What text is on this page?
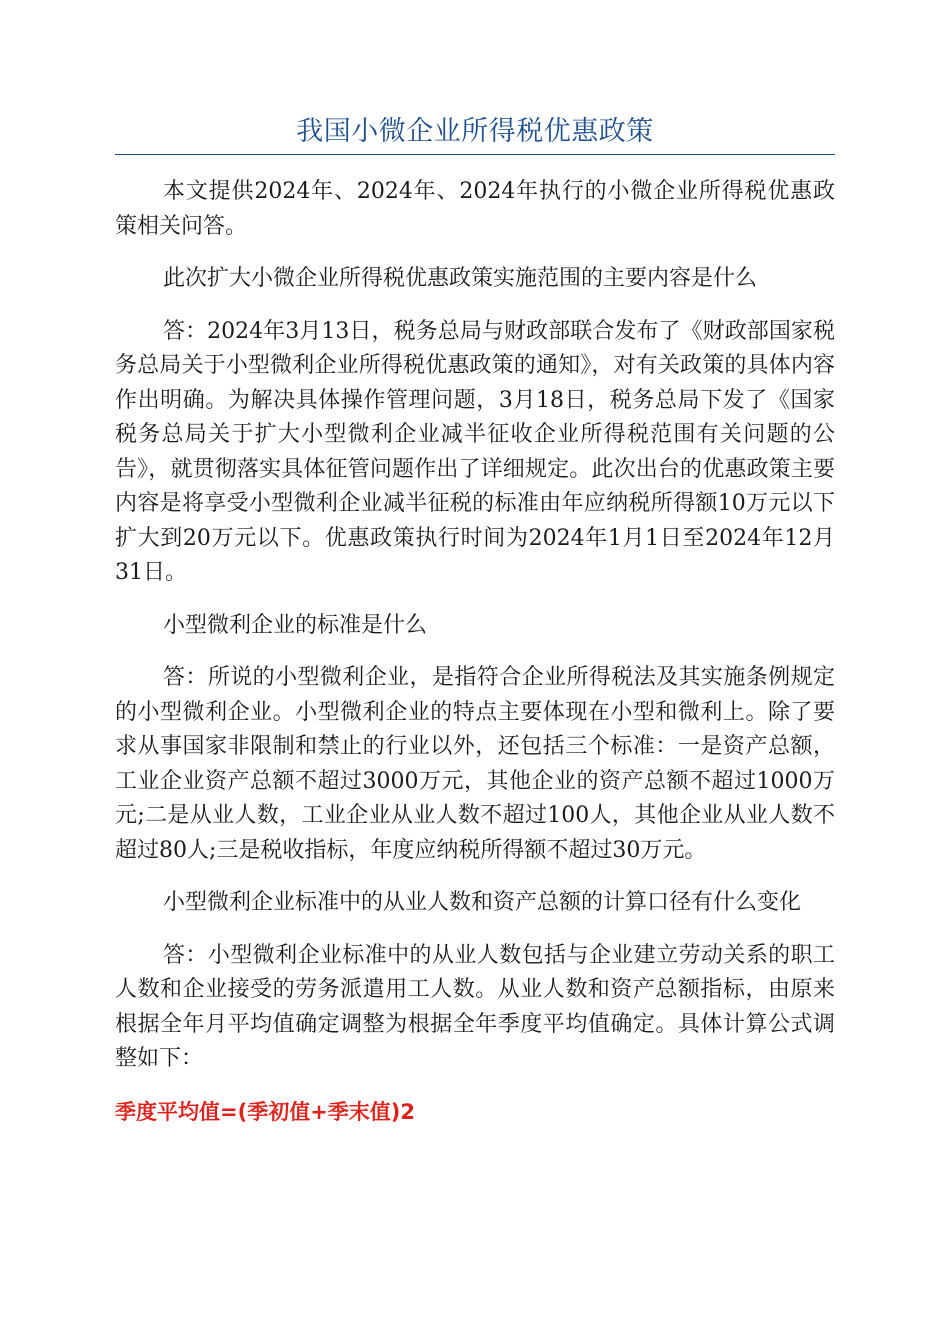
我国小微企业所得税优惠政策

本文提供2024年、2024年、2024年执行的小微企业所得税优惠政策相关问答。

此次扩大小微企业所得税优惠政策实施范围的主要内容是什么

答：2024年3月13日，税务总局与财政部联合发布了《财政部国家税务总局关于小型微利企业所得税优惠政策的通知》，对有关政策的具体内容作出明确。为解决具体操作管理问题，3月18日，税务总局下发了《国家税务总局关于扩大小型微利企业减半征收企业所得税范围有关问题的公告》，就贯彻落实具体征管问题作出了详细规定。此次出台的优惠政策主要内容是将享受小型微利企业减半征税的标准由年应纳税所得额10万元以下扩大到20万元以下。优惠政策执行时间为2024年1月1日至2024年12月31日。

小型微利企业的标准是什么

答：所说的小型微利企业，是指符合企业所得税法及其实施条例规定的小型微利企业。小型微利企业的特点主要体现在小型和微利上。除了要求从事国家非限制和禁止的行业以外，还包括三个标准：一是资产总额，工业企业资产总额不超过3000万元，其他企业的资产总额不超过1000万元;二是从业人数，工业企业从业人数不超过100人，其他企业从业人数不超过80人;三是税收指标，年度应纳税所得额不超过30万元。

小型微利企业标准中的从业人数和资产总额的计算口径有什么变化

答：小型微利企业标准中的从业人数包括与企业建立劳动关系的职工人数和企业接受的劳务派遣用工人数。从业人数和资产总额指标，由原来根据全年月平均值确定调整为根据全年季度平均值确定。具体计算公式调整如下：

季度平均值=(季初值+季末值)2
